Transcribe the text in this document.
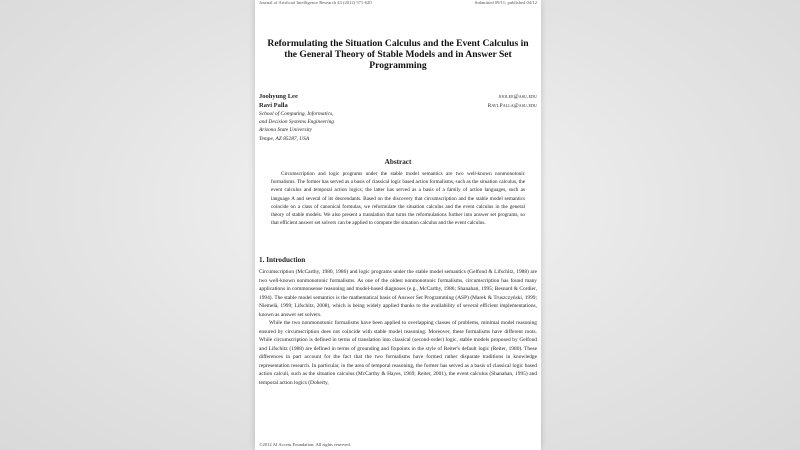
Journal of Artificial Intelligence Research 43 (2012) 571-620	Submitted 09/11; published 04/12
Reformulating the Situation Calculus and the Event Calculus in the General Theory of Stable Models and in Answer Set Programming
Joohyung Lee	joolee@asu.edu
Ravi Palla	Ravi.Palla@asu.edu
School of Computing, Informatics,
and Decision Systems Engineering
Arizona State University
Tempe, AZ 85287, USA
Abstract

Circumscription and logic programs under the stable model semantics are two well-known nonmonotonic formalisms. The former has served as a basis of classical logic based action formalisms, such as the situation calculus, the event calculus and temporal action logics; the latter has served as a basis of a family of action languages, such as language A and several of its descendants. Based on the discovery that circumscription and the stable model semantics coincide on a class of canonical formulas, we reformulate the situation calculus and the event calculus in the general theory of stable models. We also present a translation that turns the reformulations further into answer set programs, so that efficient answer set solvers can be applied to compute the situation calculus and the event calculus.

1. Introduction

Circumscription (McCarthy, 1980, 1986) and logic programs under the stable model semantics (Gelfond & Lifschitz, 1988) are two well-known nonmonotonic formalisms. As one of the oldest nonmonotonic formalisms, circumscription has found many applications in commonsense reasoning and model-based diagnoses (e.g., McCarthy, 1986; Shanahan, 1995; Besnard & Cordier, 1994). The stable model semantics is the mathematical basis of Answer Set Programming (ASP) (Marek & Truszczyński, 1999; Niemelä, 1999; Lifschitz, 2008), which is being widely applied thanks to the availability of several efficient implementations, known as answer set solvers.

While the two nonmonotonic formalisms have been applied to overlapping classes of problems, minimal model reasoning ensured by circumscription does not coincide with stable model reasoning. Moreover, these formalisms have different roots. While circumscription is defined in terms of translation into classical (second-order) logic, stable models proposed by Gelfond and Lifschitz (1988) are defined in terms of grounding and fixpoints in the style of Reiter's default logic (Reiter, 1980). These differences in part account for the fact that the two formalisms have formed rather disparate traditions in knowledge representation research. In particular, in the area of temporal reasoning, the former has served as a basis of classical logic based action calculi, such as the situation calculus (McCarthy & Hayes, 1969; Reiter, 2001), the event calculus (Shanahan, 1995) and temporal action logics (Doherty,

©2012 AI Access Foundation. All rights reserved.
